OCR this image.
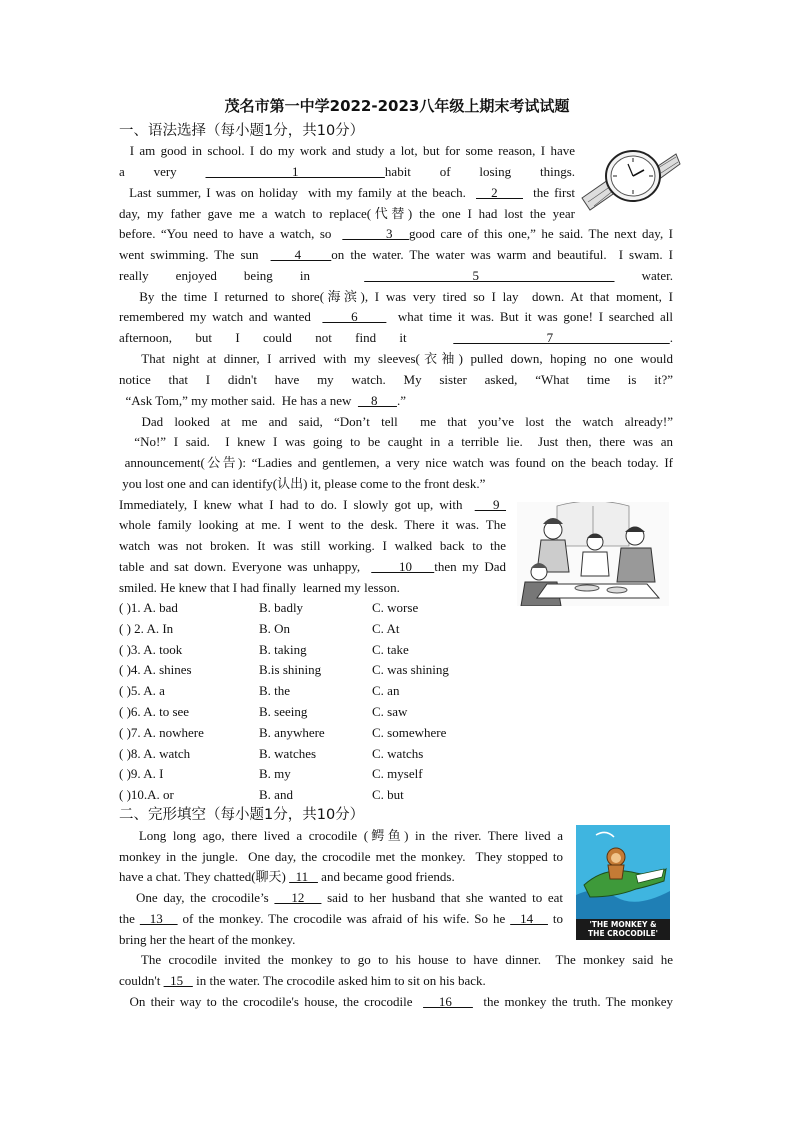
茂名市第一中学2022-2023八年级上期末考试试题
一、语法选择（每小题1分，共10分）
I am good in school. I do my work and study a lot, but for some reason, I have
a very    1   habit of losing things.
Last summer, I was on holiday  with my family at the beach.     2       the first
day, my father gave me a watch to replace(代替) the one I had lost the year
before. “You need to have a watch, so          3   good care of this one,” he said. The next day, I
went swimming. The sun      4     on the water. The water was warm and beautiful.  I swam. I
really enjoyed being in      5      water.
By the time I returned to shore(海滨), I was very tired so I lay  down. At that moment, I
remembered my watch and wanted       6       what time it was. But it was gone! I searched all
afternoon, but I could not find it      7     .
That night at dinner, I arrived with my sleeves(衣袖) pulled down, hoping no one would
notice that I didn't have my watch. My sister asked, “What time is it?”
“Ask Tom,” my mother said.  He has a new      8      .”
Dad looked at me and said, “Don’t tell  me that you’ve lost the watch already!”
“No!” I said.  I knew I was going to be caught in a terrible lie.  Just then, there was an
announcement(公告): “Ladies and gentlemen, a very nice watch was found on the beach today. If
you lost one and can identify(认出) it, please come to the front desk.”
Immediately, I knew what I had to do. I slowly got up, with     9
whole family looking at me. I went to the desk. There it was. The
watch was not broken. It was still working. I walked back to the
table and sat down. Everyone was unhappy,       10    then my Dad
smiled. He knew that I had finally  learned my lesson.
( )1. A. bad	B. badly	C. worse
( ) 2. A. In	B. On	C. At
( )3. A. took	B. taking	C. take
( )4. A. shines	B.is shining	C. was shining
( )5. A. a	B. the	C. an
( )6. A. to see	B. seeing	C. saw
( )7. A. nowhere	B. anywhere	C. somewhere
( )8. A. watch	B. watches	C. watchs
( )9. A. I	B. my	C. myself
( )10.A. or	B. and	C. but
二、完形填空（每小题1分，共10分）
Long long ago, there lived a crocodile (鳄鱼) in the river. There lived a
monkey in the jungle.  One day, the crocodile met the monkey.  They stopped to
have a chat. They chatted(聊天)   11    and became good friends.
One day, the crocodile’s    12    said to her husband that she wanted to eat
the   13    of the monkey. The crocodile was afraid of his wife. So he   14    to
bring her the heart of the monkey.
The crocodile invited the monkey to go to his house to have dinner.  The monkey said he
couldn't   15    in the water. The crocodile asked him to sit on his back.
On their way to the crocodile's house, the crocodile     16      the monkey the truth. The monkey
'THE MONKEY &
THE CROCODILE'
